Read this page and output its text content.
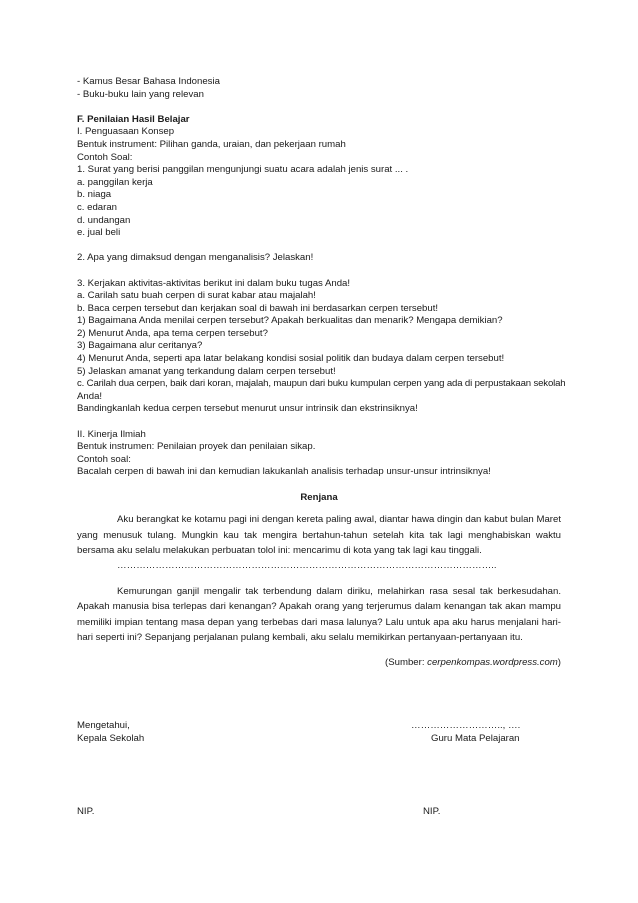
- Kamus Besar Bahasa Indonesia
- Buku-buku lain yang relevan
F. Penilaian Hasil Belajar
I. Penguasaan Konsep
Bentuk instrument: Pilihan ganda, uraian, dan pekerjaan rumah
Contoh Soal:
1. Surat yang berisi panggilan mengunjungi suatu acara adalah jenis surat ... .
a. panggilan kerja
b. niaga
c. edaran
d. undangan
e. jual beli
2. Apa yang dimaksud dengan menganalisis? Jelaskan!
3. Kerjakan aktivitas-aktivitas berikut ini dalam buku tugas Anda!
a. Carilah satu buah cerpen di surat kabar atau majalah!
b. Baca cerpen tersebut dan kerjakan soal di bawah ini berdasarkan cerpen tersebut!
1) Bagaimana Anda menilai cerpen tersebut? Apakah berkualitas dan menarik? Mengapa demikian?
2) Menurut Anda, apa tema cerpen tersebut?
3) Bagaimana alur ceritanya?
4) Menurut Anda, seperti apa latar belakang kondisi sosial politik dan budaya dalam cerpen tersebut!
5) Jelaskan amanat yang terkandung dalam cerpen tersebut!
c. Carilah dua cerpen, baik dari koran, majalah, maupun dari buku kumpulan cerpen yang ada di perpustakaan sekolah
Anda!
Bandingkanlah kedua cerpen tersebut menurut unsur intrinsik dan ekstrinsiknya!
II. Kinerja Ilmiah
Bentuk instrumen: Penilaian proyek dan penilaian sikap.
Contoh soal:
Bacalah cerpen di bawah ini dan kemudian lakukanlah analisis terhadap unsur-unsur intrinsiknya!
Renjana

Aku berangkat ke kotamu pagi ini dengan kereta paling awal, diantar hawa dingin dan kabut bulan Maret yang menusuk tulang. Mungkin kau tak mengira bertahun-tahun setelah kita tak lagi menghabiskan waktu bersama aku selalu melakukan perbuatan tolol ini: mencarimu di kota yang tak lagi kau tinggali.

………………………………………………………………………………………………………..

Kemurungan ganjil mengalir tak terbendung dalam diriku, melahirkan rasa sesal tak berkesudahan. Apakah manusia bisa terlepas dari kenangan? Apakah orang yang terjerumus dalam kenangan tak akan mampu memiliki impian tentang masa depan yang terbebas dari masa lalunya? Lalu untuk apa aku harus menjalani hari-hari seperti ini? Sepanjang perjalanan pulang kembali, aku selalu memikirkan pertanyaan-pertanyaan itu.

(Sumber: cerpenkompas.wordpress.com)
Mengetahui,
Kepala Sekolah
……………………….., ….
Guru Mata Pelajaran
NIP.	NIP.
